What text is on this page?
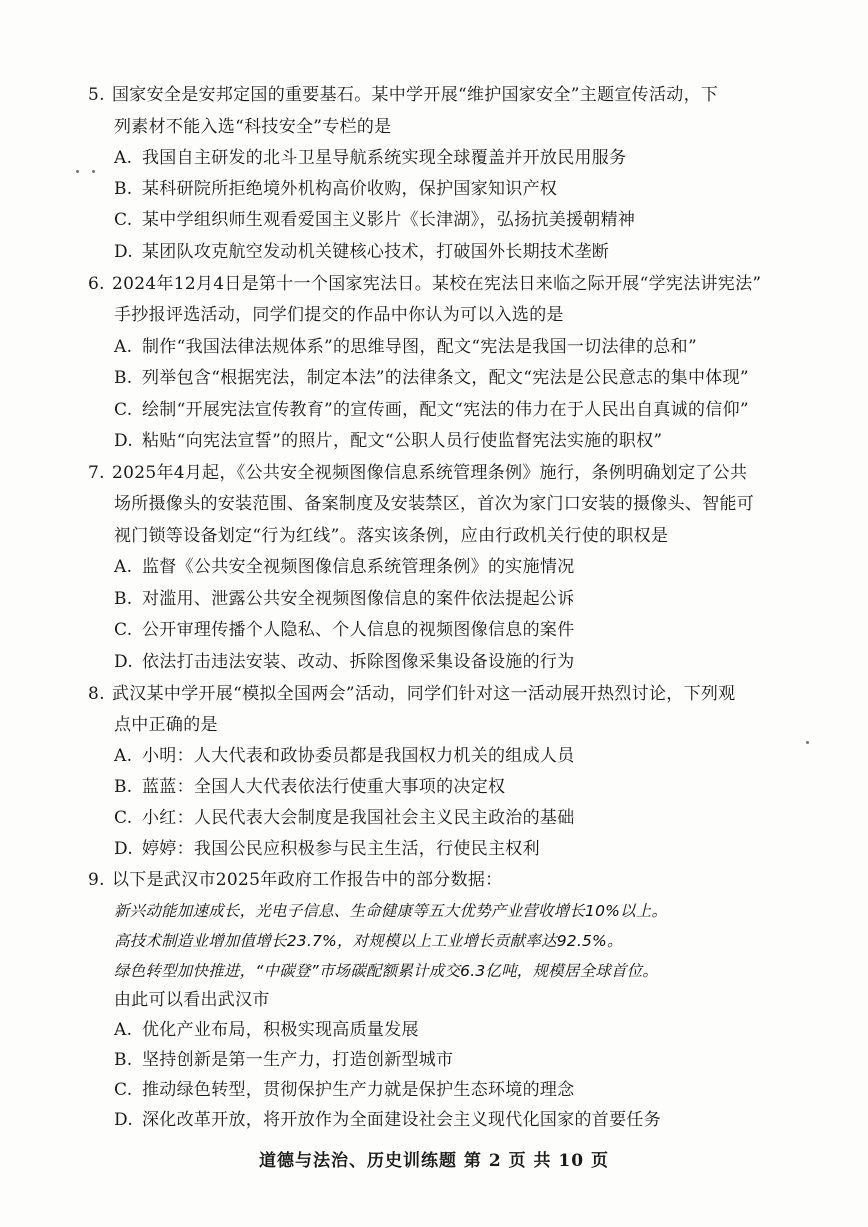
5. 国家安全是安邦定国的重要基石。某中学开展“维护国家安全”主题宣传活动，下
列素材不能入选“科技安全”专栏的是
A. 我国自主研发的北斗卫星导航系统实现全球覆盖并开放民用服务
B. 某科研院所拒绝境外机构高价收购，保护国家知识产权
C. 某中学组织师生观看爱国主义影片《长津湖》，弘扬抗美援朝精神
D. 某团队攻克航空发动机关键核心技术，打破国外长期技术垄断
6. 2024年12月4日是第十一个国家宪法日。某校在宪法日来临之际开展“学宪法讲宪法”
手抄报评选活动，同学们提交的作品中你认为可以入选的是
A. 制作“我国法律法规体系”的思维导图，配文“宪法是我国一切法律的总和”
B. 列举包含“根据宪法，制定本法”的法律条文，配文“宪法是公民意志的集中体现”
C. 绘制“开展宪法宣传教育”的宣传画，配文“宪法的伟力在于人民出自真诚的信仰”
D. 粘贴“向宪法宣誓”的照片，配文“公职人员行使监督宪法实施的职权”
7. 2025年4月起，《公共安全视频图像信息系统管理条例》施行，条例明确划定了公共
场所摄像头的安装范围、备案制度及安装禁区，首次为家门口安装的摄像头、智能可
视门锁等设备划定“行为红线”。落实该条例，应由行政机关行使的职权是
A. 监督《公共安全视频图像信息系统管理条例》的实施情况
B. 对滥用、泄露公共安全视频图像信息的案件依法提起公诉
C. 公开审理传播个人隐私、个人信息的视频图像信息的案件
D. 依法打击违法安装、改动、拆除图像采集设备设施的行为
8. 武汉某中学开展“模拟全国两会”活动，同学们针对这一活动展开热烈讨论，下列观
点中正确的是
A. 小明：人大代表和政协委员都是我国权力机关的组成人员
B. 蓝蓝：全国人大代表依法行使重大事项的决定权
C. 小红：人民代表大会制度是我国社会主义民主政治的基础
D. 婷婷：我国公民应积极参与民主生活，行使民主权利
9. 以下是武汉市2025年政府工作报告中的部分数据：
新兴动能加速成长，光电子信息、生命健康等五大优势产业营收增长10%以上。
高技术制造业增加值增长23.7%，对规模以上工业增长贡献率达92.5%。
绿色转型加快推进，“中碳登”市场碳配额累计成交6.3亿吨，规模居全球首位。
由此可以看出武汉市
A. 优化产业布局，积极实现高质量发展
B. 坚持创新是第一生产力，打造创新型城市
C. 推动绿色转型，贯彻保护生产力就是保护生态环境的理念
D. 深化改革开放，将开放作为全面建设社会主义现代化国家的首要任务
道德与法治、历史训练题 第 2 页 共 10 页
